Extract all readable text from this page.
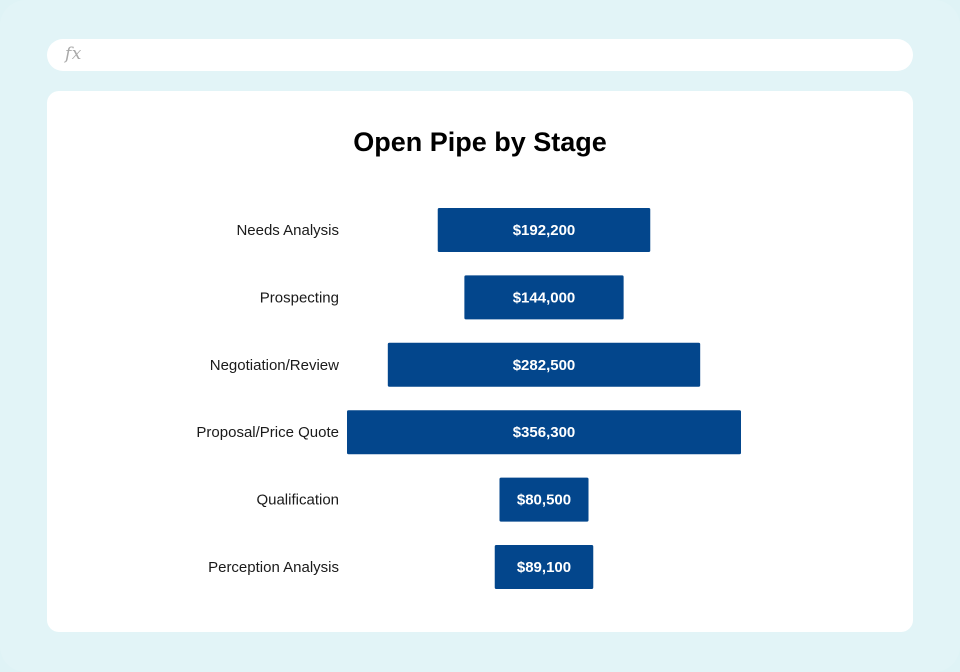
fx
Open Pipe by Stage
Needs Analysis	$192,200
Prospecting	$144,000
Negotiation/Review	$282,500
Proposal/Price Quote	$356,300
Qualification	$80,500
Perception Analysis	$89,100
